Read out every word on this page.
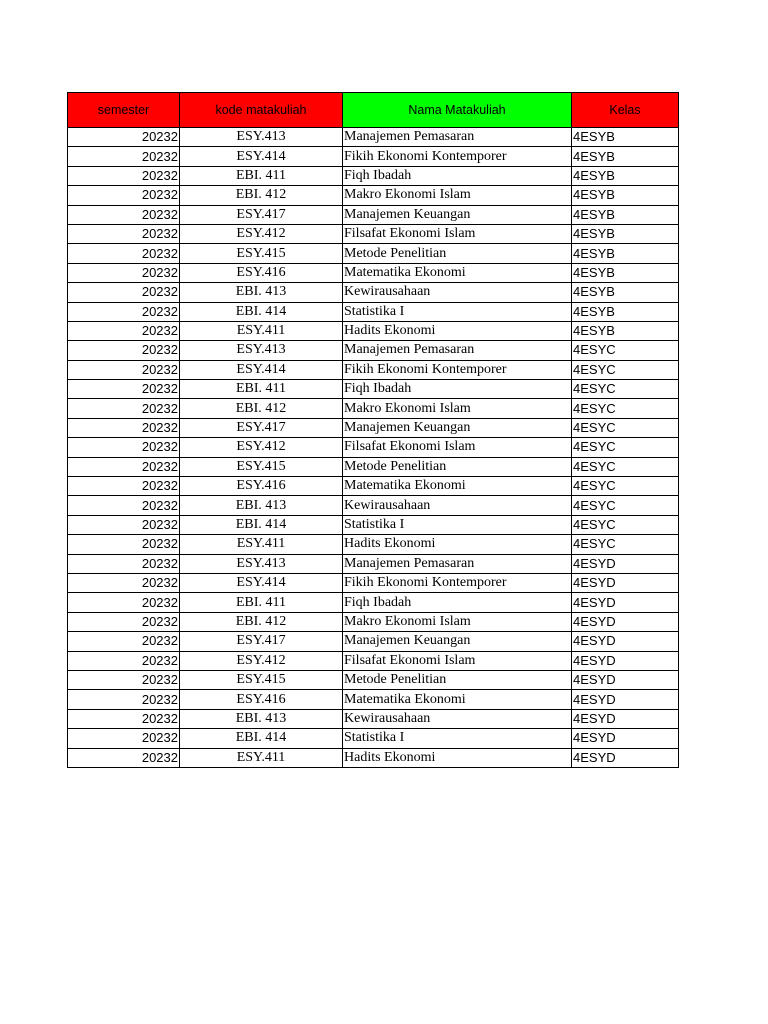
semester	kode matakuliah	Nama Matakuliah	Kelas
20232	ESY.413	Manajemen Pemasaran	4ESYB
20232	ESY.414	Fikih Ekonomi Kontemporer	4ESYB
20232	EBI. 411	Fiqh Ibadah	4ESYB
20232	EBI. 412	Makro Ekonomi Islam	4ESYB
20232	ESY.417	Manajemen Keuangan	4ESYB
20232	ESY.412	Filsafat Ekonomi Islam	4ESYB
20232	ESY.415	Metode Penelitian	4ESYB
20232	ESY.416	Matematika Ekonomi	4ESYB
20232	EBI. 413	Kewirausahaan	4ESYB
20232	EBI. 414	Statistika I	4ESYB
20232	ESY.411	Hadits Ekonomi	4ESYB
20232	ESY.413	Manajemen Pemasaran	4ESYC
20232	ESY.414	Fikih Ekonomi Kontemporer	4ESYC
20232	EBI. 411	Fiqh Ibadah	4ESYC
20232	EBI. 412	Makro Ekonomi Islam	4ESYC
20232	ESY.417	Manajemen Keuangan	4ESYC
20232	ESY.412	Filsafat Ekonomi Islam	4ESYC
20232	ESY.415	Metode Penelitian	4ESYC
20232	ESY.416	Matematika Ekonomi	4ESYC
20232	EBI. 413	Kewirausahaan	4ESYC
20232	EBI. 414	Statistika I	4ESYC
20232	ESY.411	Hadits Ekonomi	4ESYC
20232	ESY.413	Manajemen Pemasaran	4ESYD
20232	ESY.414	Fikih Ekonomi Kontemporer	4ESYD
20232	EBI. 411	Fiqh Ibadah	4ESYD
20232	EBI. 412	Makro Ekonomi Islam	4ESYD
20232	ESY.417	Manajemen Keuangan	4ESYD
20232	ESY.412	Filsafat Ekonomi Islam	4ESYD
20232	ESY.415	Metode Penelitian	4ESYD
20232	ESY.416	Matematika Ekonomi	4ESYD
20232	EBI. 413	Kewirausahaan	4ESYD
20232	EBI. 414	Statistika I	4ESYD
20232	ESY.411	Hadits Ekonomi	4ESYD
